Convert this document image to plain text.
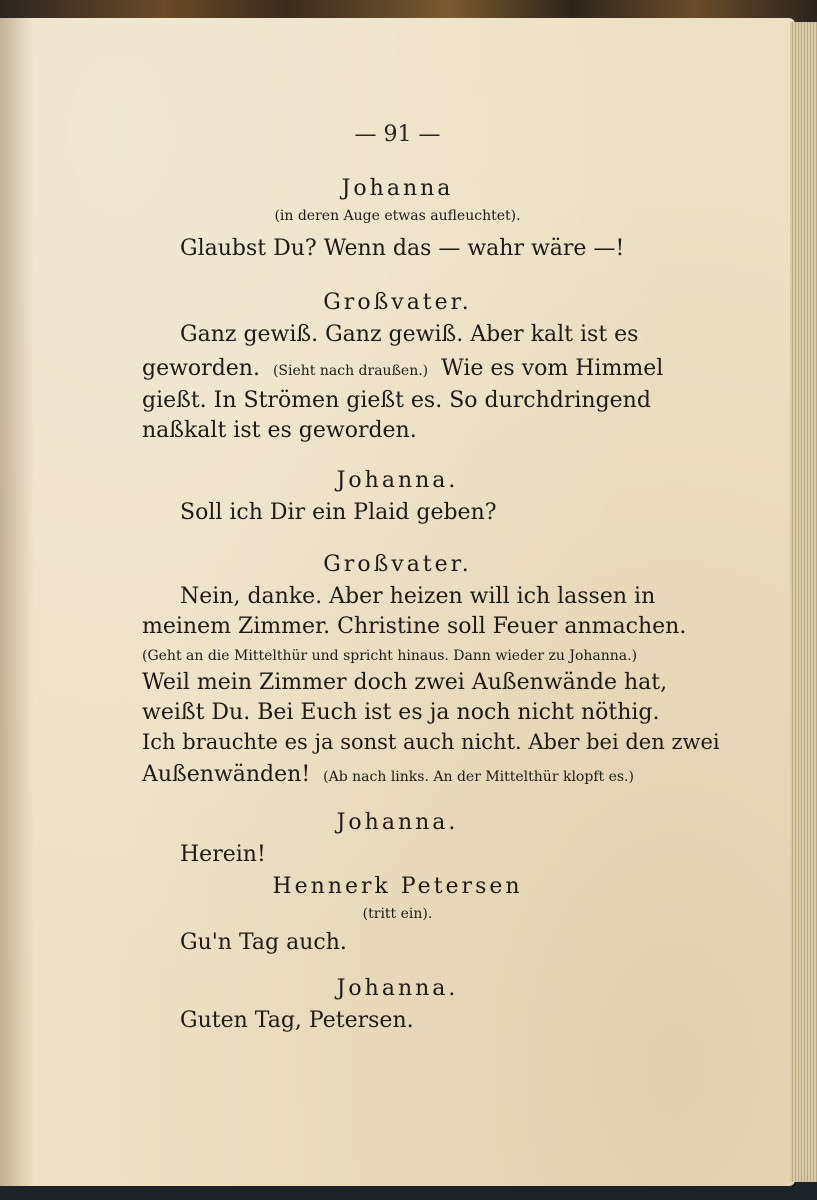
— 91 —
Johanna
(in deren Auge etwas aufleuchtet).
Glaubst Du? Wenn das — wahr wäre —!
Großvater.
Ganz gewiß. Ganz gewiß. Aber kalt ist es
geworden. (Sieht nach draußen.) Wie es vom Himmel
gießt. In Strömen gießt es. So durchdringend
naßkalt ist es geworden.
Johanna.
Soll ich Dir ein Plaid geben?
Großvater.
Nein, danke. Aber heizen will ich lassen in
meinem Zimmer. Christine soll Feuer anmachen.
(Geht an die Mittelthür und spricht hinaus. Dann wieder zu Johanna.)
Weil mein Zimmer doch zwei Außenwände hat,
weißt Du. Bei Euch ist es ja noch nicht nöthig.
Ich brauchte es ja sonst auch nicht. Aber bei den zwei
Außenwänden! (Ab nach links. An der Mittelthür klopft es.)
Johanna.
Herein!
Hennerk Petersen
(tritt ein).
Gu'n Tag auch.
Johanna.
Guten Tag, Petersen.
